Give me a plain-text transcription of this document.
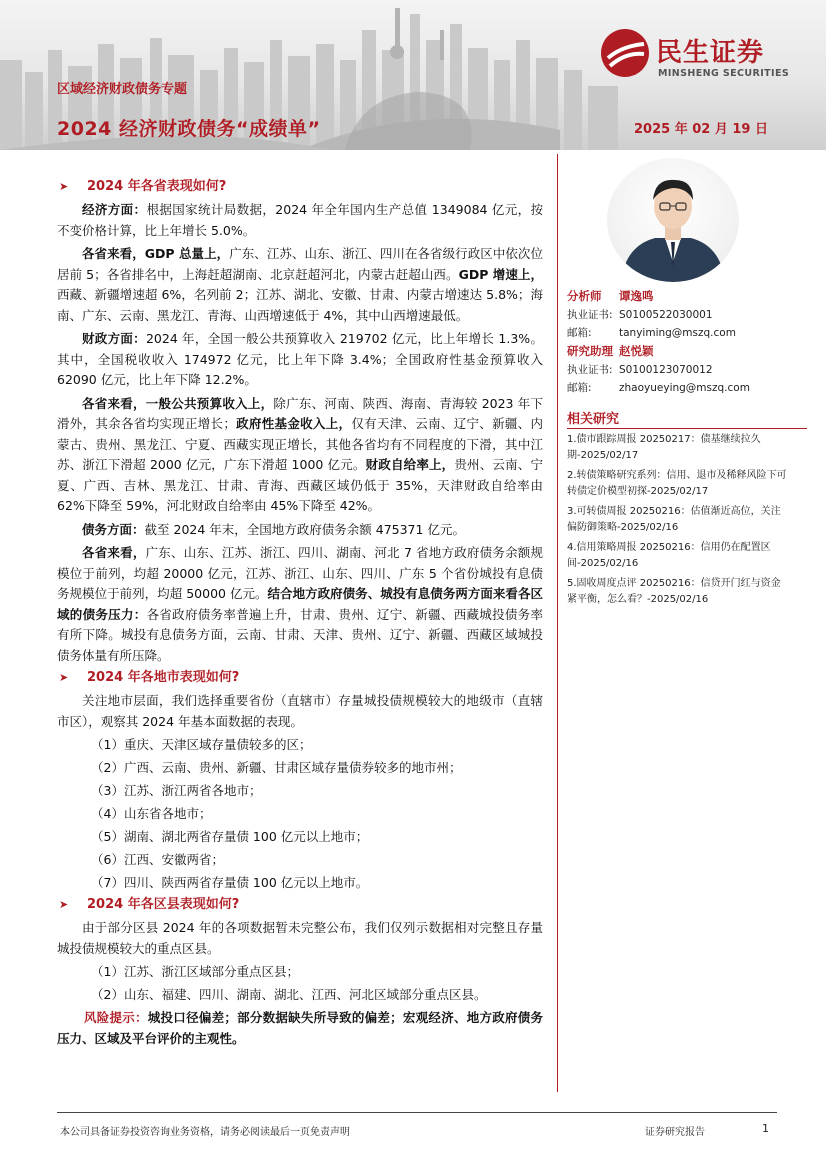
区域经济财政债务专题
2024 经济财政债务“成绩单”	2025 年 02 月 19 日
民生证券
MINSHENG SECURITIES
➤ 2024 年各省表现如何?

经济方面：根据国家统计局数据，2024 年全年国内生产总值 1349084 亿元，按不变价格计算，比上年增长 5.0%。

各省来看，GDP 总量上，广东、江苏、山东、浙江、四川在各省级行政区中依次位居前 5；各省排名中，上海赶超湖南、北京赶超河北，内蒙古赶超山西。GDP 增速上，西藏、新疆增速超 6%，名列前 2；江苏、湖北、安徽、甘肃、内蒙古增速达 5.8%；海南、广东、云南、黑龙江、青海、山西增速低于 4%，其中山西增速最低。

财政方面：2024 年，全国一般公共预算收入 219702 亿元，比上年增长 1.3%。其中，全国税收收入 174972 亿元，比上年下降 3.4%；全国政府性基金预算收入 62090 亿元，比上年下降 12.2%。

各省来看，一般公共预算收入上，除广东、河南、陕西、海南、青海较 2023 年下滑外，其余各省均实现正增长；政府性基金收入上，仅有天津、云南、辽宁、新疆、内蒙古、贵州、黑龙江、宁夏、西藏实现正增长，其他各省均有不同程度的下滑，其中江苏、浙江下滑超 2000 亿元，广东下滑超 1000 亿元。财政自给率上，贵州、云南、宁夏、广西、吉林、黑龙江、甘肃、青海、西藏区域仍低于 35%，天津财政自给率由 62%下降至 59%，河北财政自给率由 45%下降至 42%。

债务方面：截至 2024 年末，全国地方政府债务余额 475371 亿元。

各省来看，广东、山东、江苏、浙江、四川、湖南、河北 7 省地方政府债务余额规模位于前列，均超 20000 亿元，江苏、浙江、山东、四川、广东 5 个省份城投有息债务规模位于前列，均超 50000 亿元。结合地方政府债务、城投有息债务两方面来看各区域的债务压力：各省政府债务率普遍上升，甘肃、贵州、辽宁、新疆、西藏城投债务率有所下降。城投有息债务方面，云南、甘肃、天津、贵州、辽宁、新疆、西藏区域城投债务体量有所压降。

➤ 2024 年各地市表现如何?

关注地市层面，我们选择重要省份（直辖市）存量城投债规模较大的地级市（直辖市区），观察其 2024 年基本面数据的表现。

（1）重庆、天津区域存量债较多的区；
（2）广西、云南、贵州、新疆、甘肃区域存量债券较多的地市州；
（3）江苏、浙江两省各地市；
（4）山东省各地市；
（5）湖南、湖北两省存量债 100 亿元以上地市；
（6）江西、安徽两省；
（7）四川、陕西两省存量债 100 亿元以上地市。
➤ 2024 年各区县表现如何?

由于部分区县 2024 年的各项数据暂未完整公布，我们仅列示数据相对完整且存量城投债规模较大的重点区县。

（1）江苏、浙江区域部分重点区县；
（2）山东、福建、四川、湖南、湖北、江西、河北区域部分重点区县。

风险提示：城投口径偏差；部分数据缺失所导致的偏差；宏观经济、地方政府债务压力、区域及平台评价的主观性。

分析师 谭逸鸣
执业证书: S0100522030001
邮箱:	tanyiming@mszq.com
研究助理 赵悦颖
执业证书: S0100123070012
邮箱:	zhaoyueying@mszq.com
相关研究
1.债市跟踪周报 20250217：债基继续拉久期-2025/02/17
2.转债策略研究系列：信用、退市及稀释风险下可转债定价模型初探-2025/02/17
3.可转债周报 20250216：估值渐近高位，关注偏防御策略-2025/02/16
4.信用策略周报 20250216：信用仍在配置区间-2025/02/16
5.固收周度点评 20250216：信贷开门红与资金紧平衡，怎么看？-2025/02/16
本公司具备证券投资咨询业务资格，请务必阅读最后一页免责声明	证券研究报告	1
